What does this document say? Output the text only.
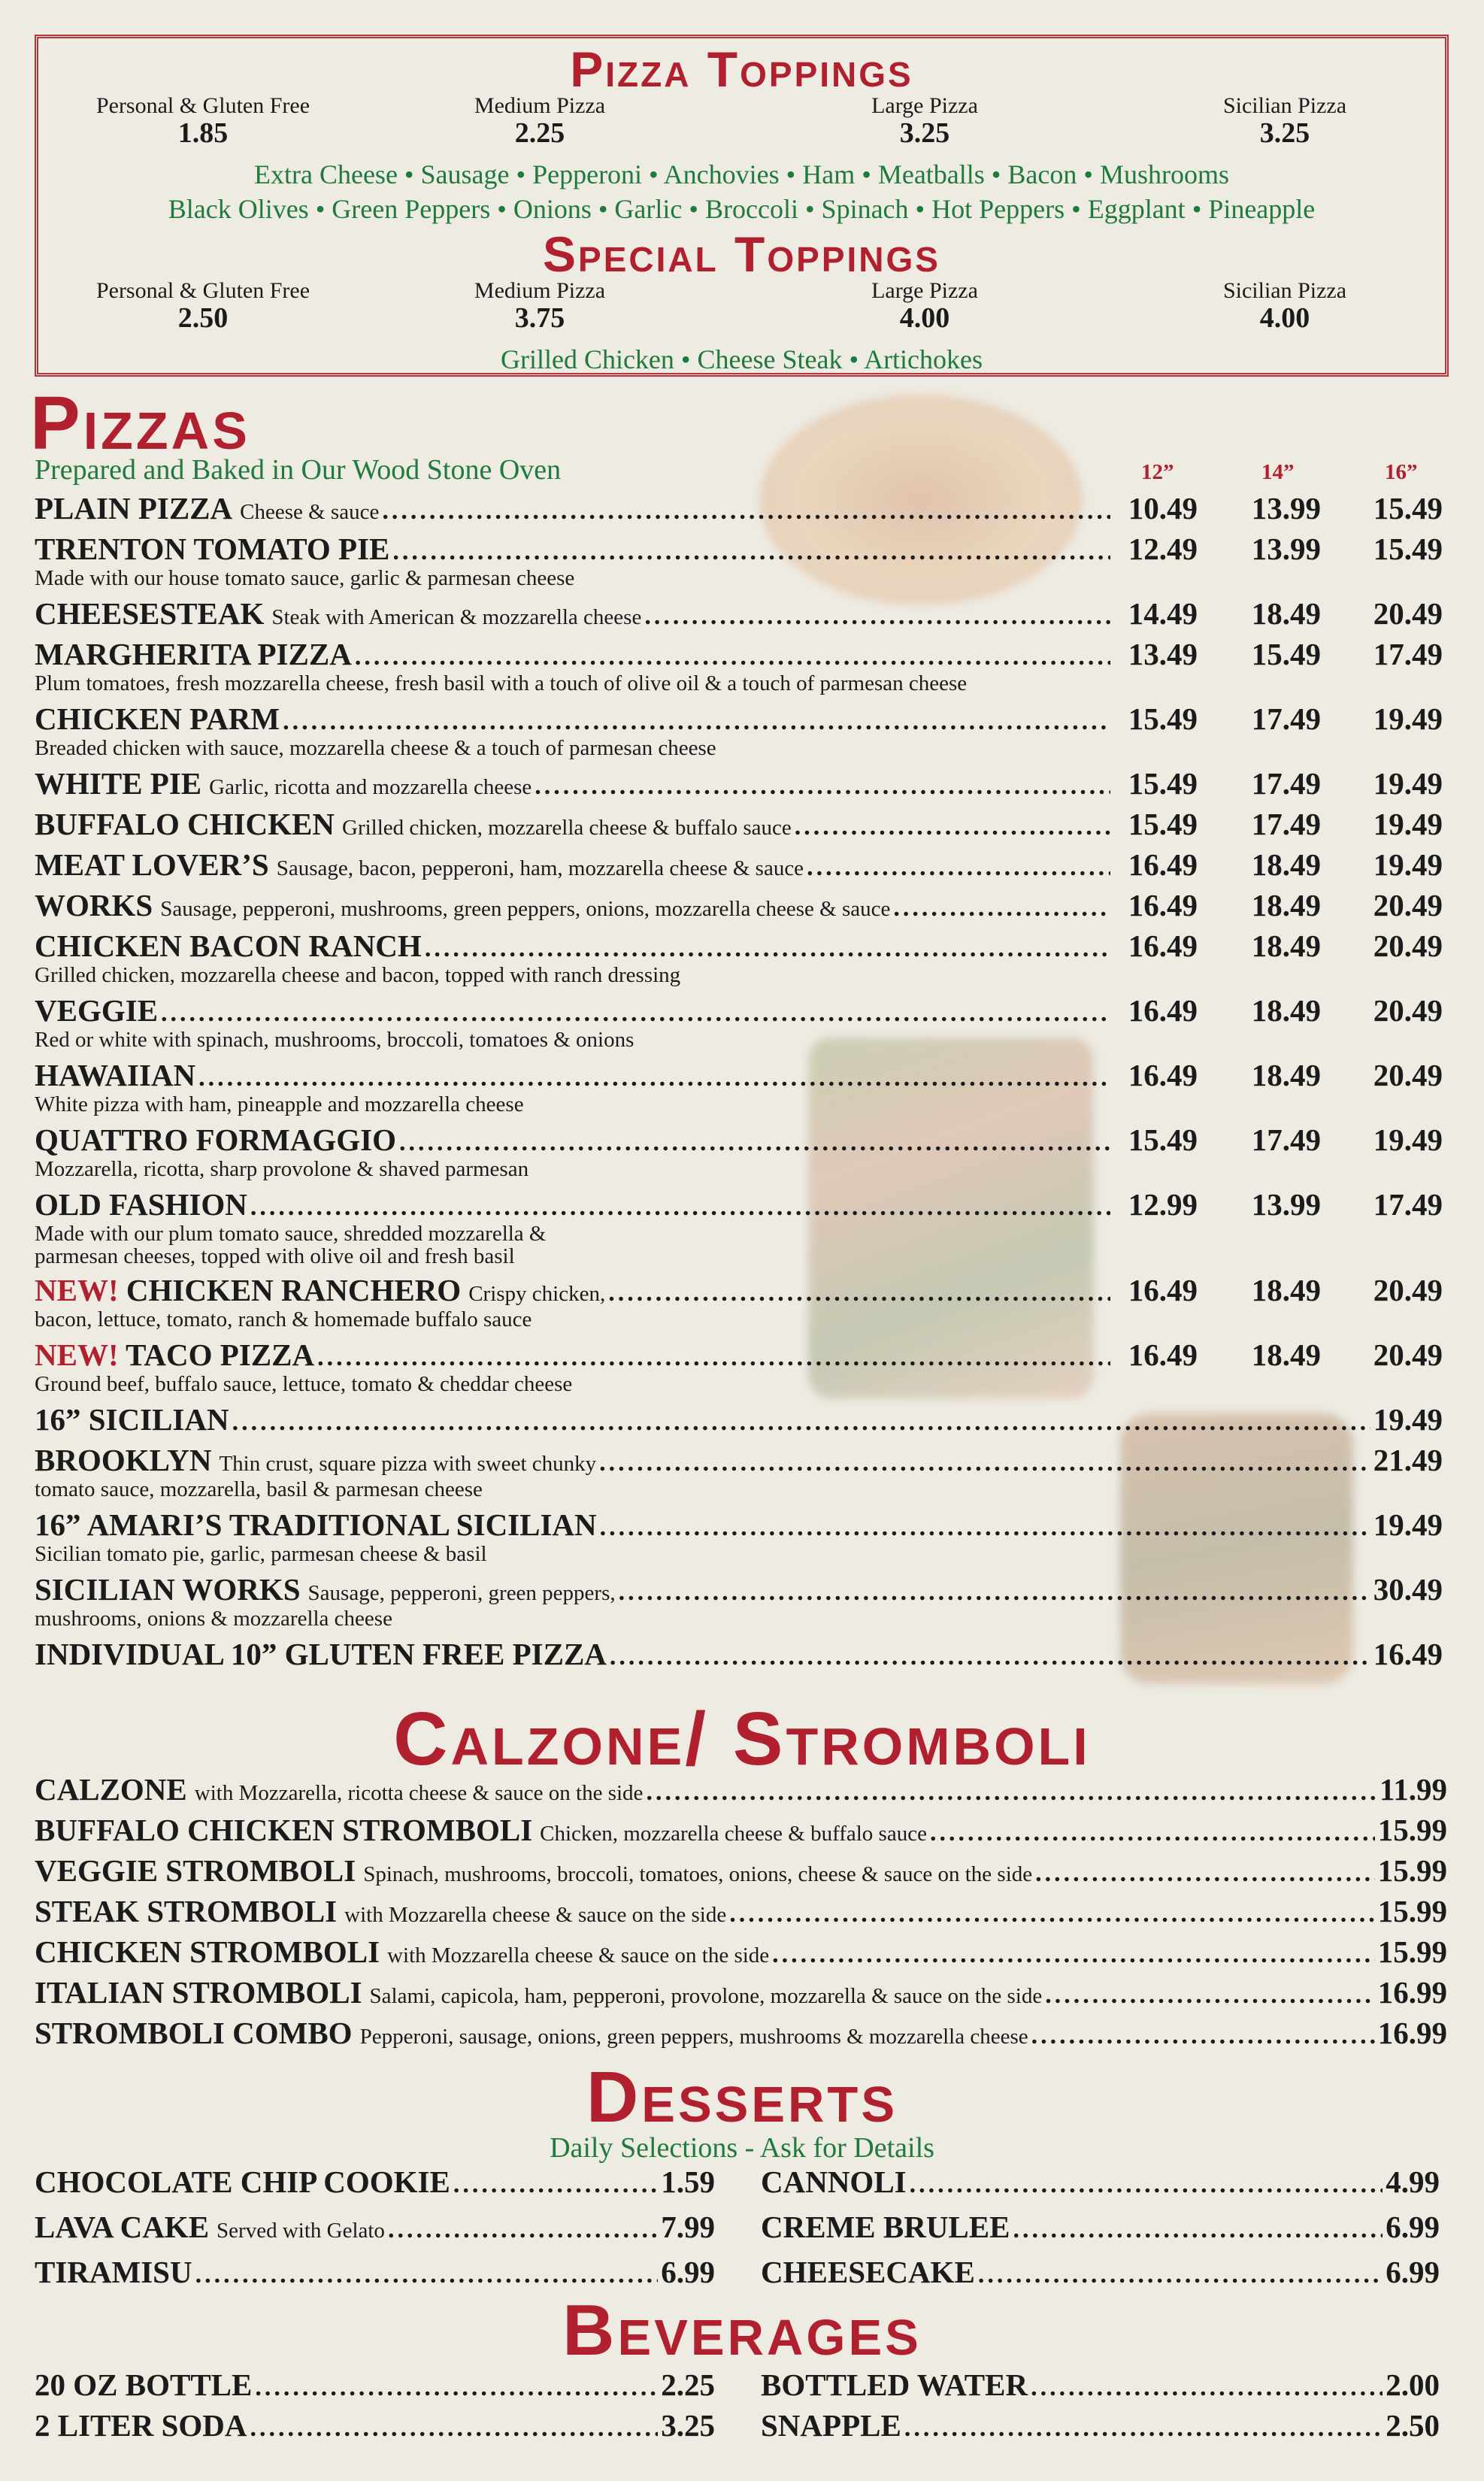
Pizza Toppings
Personal & Gluten Free
1.85
Medium Pizza
2.25
Large Pizza
3.25
Sicilian Pizza
3.25
Extra Cheese • Sausage • Pepperoni • Anchovies • Ham • Meatballs • Bacon • Mushrooms
Black Olives • Green Peppers • Onions • Garlic • Broccoli • Spinach • Hot Peppers • Eggplant • Pineapple
Special Toppings
Personal & Gluten Free
2.50
Medium Pizza
3.75
Large Pizza
4.00
Sicilian Pizza
4.00
Grilled Chicken • Cheese Steak • Artichokes
Pizzas
Prepared and Baked in Our Wood Stone Oven	12”	14”	16”
PLAIN PIZZA Cheese & sauce .....	10.49	13.99	15.49
TRENTON TOMATO PIE .....	12.49	13.99	15.49
Made with our house tomato sauce, garlic & parmesan cheese
CHEESESTEAK Steak with American & mozzarella cheese .....	14.49	18.49	20.49
MARGHERITA PIZZA .....	13.49	15.49	17.49
Plum tomatoes, fresh mozzarella cheese, fresh basil with a touch of olive oil & a touch of parmesan cheese
CHICKEN PARM .....	15.49	17.49	19.49
Breaded chicken with sauce, mozzarella cheese & a touch of parmesan cheese
WHITE PIE Garlic, ricotta and mozzarella cheese .....	15.49	17.49	19.49
BUFFALO CHICKEN Grilled chicken, mozzarella cheese & buffalo sauce .....	15.49	17.49	19.49
MEAT LOVER’S Sausage, bacon, pepperoni, ham, mozzarella cheese & sauce .....	16.49	18.49	19.49
WORKS Sausage, pepperoni, mushrooms, green peppers, onions, mozzarella cheese & sauce .....	16.49	18.49	20.49
CHICKEN BACON RANCH .....	16.49	18.49	20.49
Grilled chicken, mozzarella cheese and bacon, topped with ranch dressing
VEGGIE .....	16.49	18.49	20.49
Red or white with spinach, mushrooms, broccoli, tomatoes & onions
HAWAIIAN .....	16.49	18.49	20.49
White pizza with ham, pineapple and mozzarella cheese
QUATTRO FORMAGGIO .....	15.49	17.49	19.49
Mozzarella, ricotta, sharp provolone & shaved parmesan
OLD FASHION .....	12.99	13.99	17.49
Made with our plum tomato sauce, shredded mozzarella &
parmesan cheeses, topped with olive oil and fresh basil
NEW! CHICKEN RANCHERO Crispy chicken, .....	16.49	18.49	20.49
bacon, lettuce, tomato, ranch & homemade buffalo sauce
NEW! TACO PIZZA .....	16.49	18.49	20.49
Ground beef, buffalo sauce, lettuce, tomato & cheddar cheese
16” SICILIAN .....	19.49
BROOKLYN Thin crust, square pizza with sweet chunky .....	21.49
tomato sauce, mozzarella, basil & parmesan cheese
16” AMARI’S TRADITIONAL SICILIAN .....	19.49
Sicilian tomato pie, garlic, parmesan cheese & basil
SICILIAN WORKS Sausage, pepperoni, green peppers, .....	30.49
mushrooms, onions & mozzarella cheese
INDIVIDUAL 10” GLUTEN FREE PIZZA .....	16.49
Calzone/ Stromboli
CALZONE with Mozzarella, ricotta cheese & sauce on the side .....	11.99
BUFFALO CHICKEN STROMBOLI Chicken, mozzarella cheese & buffalo sauce .....	15.99
VEGGIE STROMBOLI Spinach, mushrooms, broccoli, tomatoes, onions, cheese & sauce on the side .....	15.99
STEAK STROMBOLI with Mozzarella cheese & sauce on the side .....	15.99
CHICKEN STROMBOLI with Mozzarella cheese & sauce on the side .....	15.99
ITALIAN STROMBOLI Salami, capicola, ham, pepperoni, provolone, mozzarella & sauce on the side .....	16.99
STROMBOLI COMBO Pepperoni, sausage, onions, green peppers, mushrooms & mozzarella cheese .....	16.99
Desserts
Daily Selections - Ask for Details
CHOCOLATE CHIP COOKIE .....	1.59
LAVA CAKE Served with Gelato .....	7.99
TIRAMISU .....	6.99
CANNOLI .....	4.99
CREME BRULEE .....	6.99
CHEESECAKE .....	6.99
Beverages
20 OZ BOTTLE .....	2.25
2 LITER SODA .....	3.25
BOTTLED WATER .....	2.00
SNAPPLE .....	2.50
